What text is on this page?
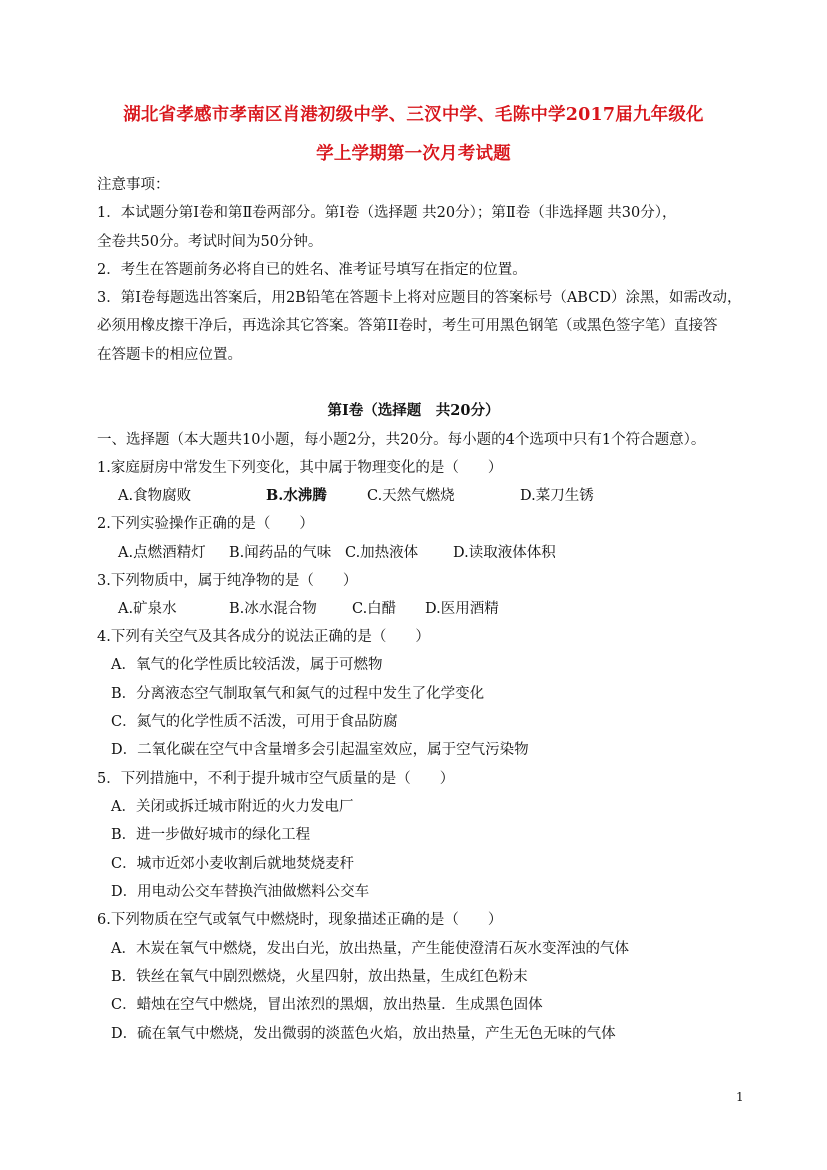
湖北省孝感市孝南区肖港初级中学、三汊中学、毛陈中学2017届九年级化
学上学期第一次月考试题
注意事项：
1．本试题分第Ⅰ卷和第Ⅱ卷两部分。第Ⅰ卷（选择题 共20分）；第Ⅱ卷（非选择题 共30分），
全卷共50分。考试时间为50分钟。
2．考生在答题前务必将自已的姓名、准考证号填写在指定的位置。
3．第Ⅰ卷每题选出答案后，用2B铅笔在答题卡上将对应题目的答案标号（ABCD）涂黑，如需改动，
必须用橡皮擦干净后，再选涂其它答案。答第II卷时，考生可用黑色钢笔（或黑色签字笔）直接答
在答题卡的相应位置。
第Ⅰ卷（选择题　共20分）
一、选择题（本大题共10小题，每小题2分，共20分。每小题的4个选项中只有1个符合题意）。
1.家庭厨房中常发生下列变化，其中属于物理变化的是（　　）
A.食物腐败	B.水沸腾	C.天然气燃烧	D.菜刀生锈
2.下列实验操作正确的是（　　）
A.点燃酒精灯 B.闻药品的气味 C.加热液体 D.读取液体体积
3.下列物质中，属于纯净物的是（　　）
A.矿泉水	B.冰水混合物 C.白醋 D.医用酒精
4.下列有关空气及其各成分的说法正确的是（　　）
A．氧气的化学性质比较活泼，属于可燃物
B．分离液态空气制取氧气和氮气的过程中发生了化学变化
C．氮气的化学性质不活泼，可用于食品防腐
D．二氧化碳在空气中含量增多会引起温室效应，属于空气污染物
5．下列措施中，不利于提升城市空气质量的是（　　）
A．关闭或拆迁城市附近的火力发电厂
B．进一步做好城市的绿化工程
C．城市近郊小麦收割后就地焚烧麦秆
D．用电动公交车替换汽油做燃料公交车
6.下列物质在空气或氧气中燃烧时，现象描述正确的是（　　）
A．木炭在氧气中燃烧，发出白光，放出热量，产生能使澄清石灰水变浑浊的气体
B．铁丝在氧气中剧烈燃烧，火星四射，放出热量，生成红色粉末
C．蜡烛在空气中燃烧，冒出浓烈的黑烟，放出热量．生成黑色固体
D．硫在氧气中燃烧，发出微弱的淡蓝色火焰，放出热量，产生无色无味的气体
1
